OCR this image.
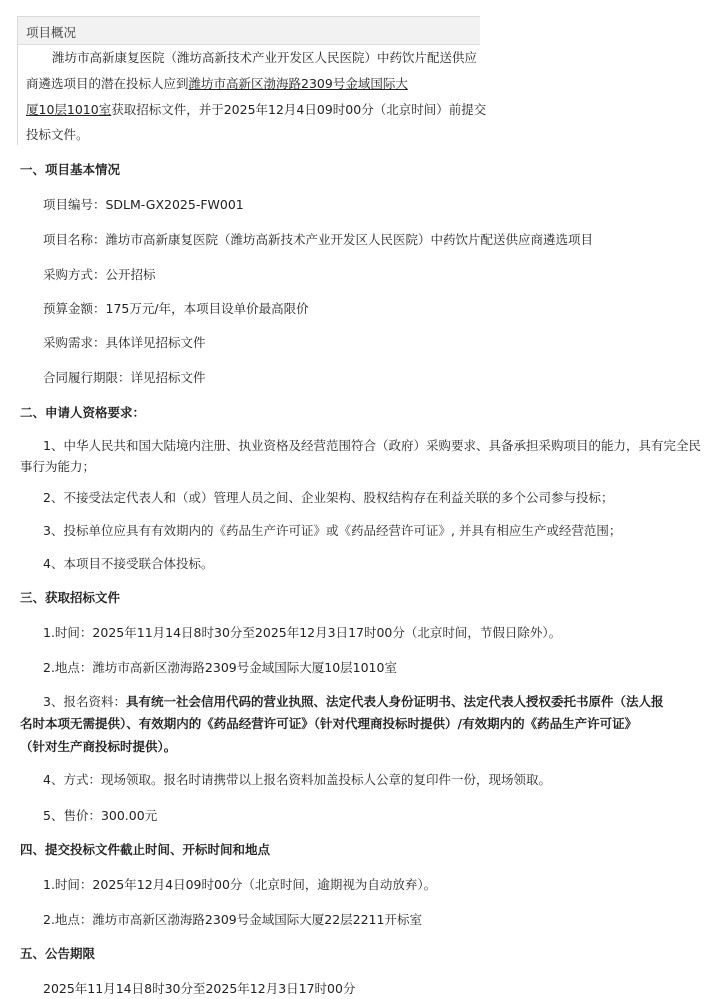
项目概况
潍坊市高新康复医院（潍坊高新技术产业开发区人民医院）中药饮片配送供应
商遴选项目的潜在投标人应到潍坊市高新区渤海路2309号金域国际大
厦10层1010室获取招标文件，并于2025年12月4日09时00分（北京时间）前提交
投标文件。
一、项目基本情况
项目编号：SDLM-GX2025-FW001
项目名称：潍坊市高新康复医院（潍坊高新技术产业开发区人民医院）中药饮片配送供应商遴选项目
采购方式：公开招标
预算金额：175万元/年，本项目设单价最高限价
采购需求：具体详见招标文件
合同履行期限：详见招标文件
二、申请人资格要求：
1、中华人民共和国大陆境内注册、执业资格及经营范围符合（政府）采购要求、具备承担采购项目的能力，具有完全民
事行为能力；
2、不接受法定代表人和（或）管理人员之间、企业架构、股权结构存在利益关联的多个公司参与投标；
3、投标单位应具有有效期内的《药品生产许可证》或《药品经营许可证》, 并具有相应生产或经营范围；
4、本项目不接受联合体投标。
三、获取招标文件
1.时间：2025年11月14日8时30分至2025年12月3日17时00分（北京时间，节假日除外）。
2.地点：潍坊市高新区渤海路2309号金域国际大厦10层1010室
3、报名资料：具有统一社会信用代码的营业执照、法定代表人身份证明书、法定代表人授权委托书原件（法人报
名时本项无需提供）、有效期内的《药品经营许可证》（针对代理商投标时提供）/有效期内的《药品生产许可证》
（针对生产商投标时提供）。
4、方式：现场领取。报名时请携带以上报名资料加盖投标人公章的复印件一份，现场领取。
5、售价：300.00元
四、提交投标文件截止时间、开标时间和地点
1.时间：2025年12月4日09时00分（北京时间，逾期视为自动放弃）。
2.地点：潍坊市高新区渤海路2309号金域国际大厦22层2211开标室
五、公告期限
2025年11月14日8时30分至2025年12月3日17时00分
